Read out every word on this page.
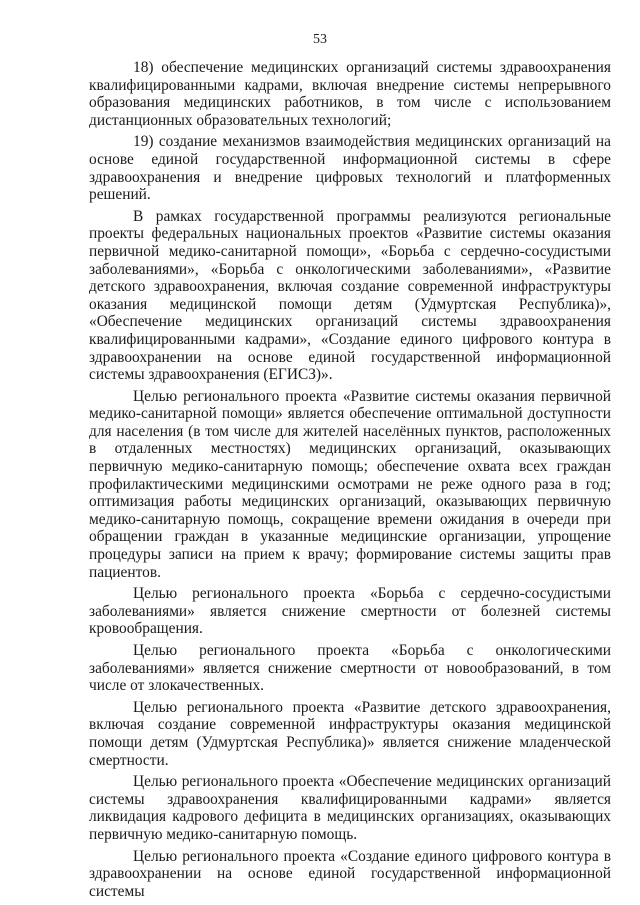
53

18) обеспечение медицинских организаций системы здравоохранения квалифицированными кадрами, включая внедрение системы непрерывного образования медицинских работников, в том числе с использованием дистанционных образовательных технологий;

19) создание механизмов взаимодействия медицинских организаций на основе единой государственной информационной системы в сфере здравоохранения и внедрение цифровых технологий и платформенных решений.

В рамках государственной программы реализуются региональные проекты федеральных национальных проектов «Развитие системы оказания первичной медико-санитарной помощи», «Борьба с сердечно-сосудистыми заболеваниями», «Борьба с онкологическими заболеваниями», «Развитие детского здравоохранения, включая создание современной инфраструктуры оказания медицинской помощи детям (Удмуртская Республика)», «Обеспечение медицинских организаций системы здравоохранения квалифицированными кадрами», «Создание единого цифрового контура в здравоохранении на основе единой государственной информационной системы здравоохранения (ЕГИСЗ)».

Целью регионального проекта «Развитие системы оказания первичной медико-санитарной помощи» является обеспечение оптимальной доступности для населения (в том числе для жителей населённых пунктов, расположенных в отдаленных местностях) медицинских организаций, оказывающих первичную медико-санитарную помощь; обеспечение охвата всех граждан профилактическими медицинскими осмотрами не реже одного раза в год; оптимизация работы медицинских организаций, оказывающих первичную медико-санитарную помощь, сокращение времени ожидания в очереди при обращении граждан в указанные медицинские организации, упрощение процедуры записи на прием к врачу; формирование системы защиты прав пациентов.

Целью регионального проекта «Борьба с сердечно-сосудистыми заболеваниями» является снижение смертности от болезней системы кровообращения.

Целью регионального проекта «Борьба с онкологическими заболеваниями» является снижение смертности от новообразований, в том числе от злокачественных.

Целью регионального проекта «Развитие детского здравоохранения, включая создание современной инфраструктуры оказания медицинской помощи детям (Удмуртская Республика)» является снижение младенческой смертности.

Целью регионального проекта «Обеспечение медицинских организаций системы здравоохранения квалифицированными кадрами» является ликвидация кадрового дефицита в медицинских организациях, оказывающих первичную медико-санитарную помощь.

Целью регионального проекта «Создание единого цифрового контура в здравоохранении на основе единой государственной информационной системы
